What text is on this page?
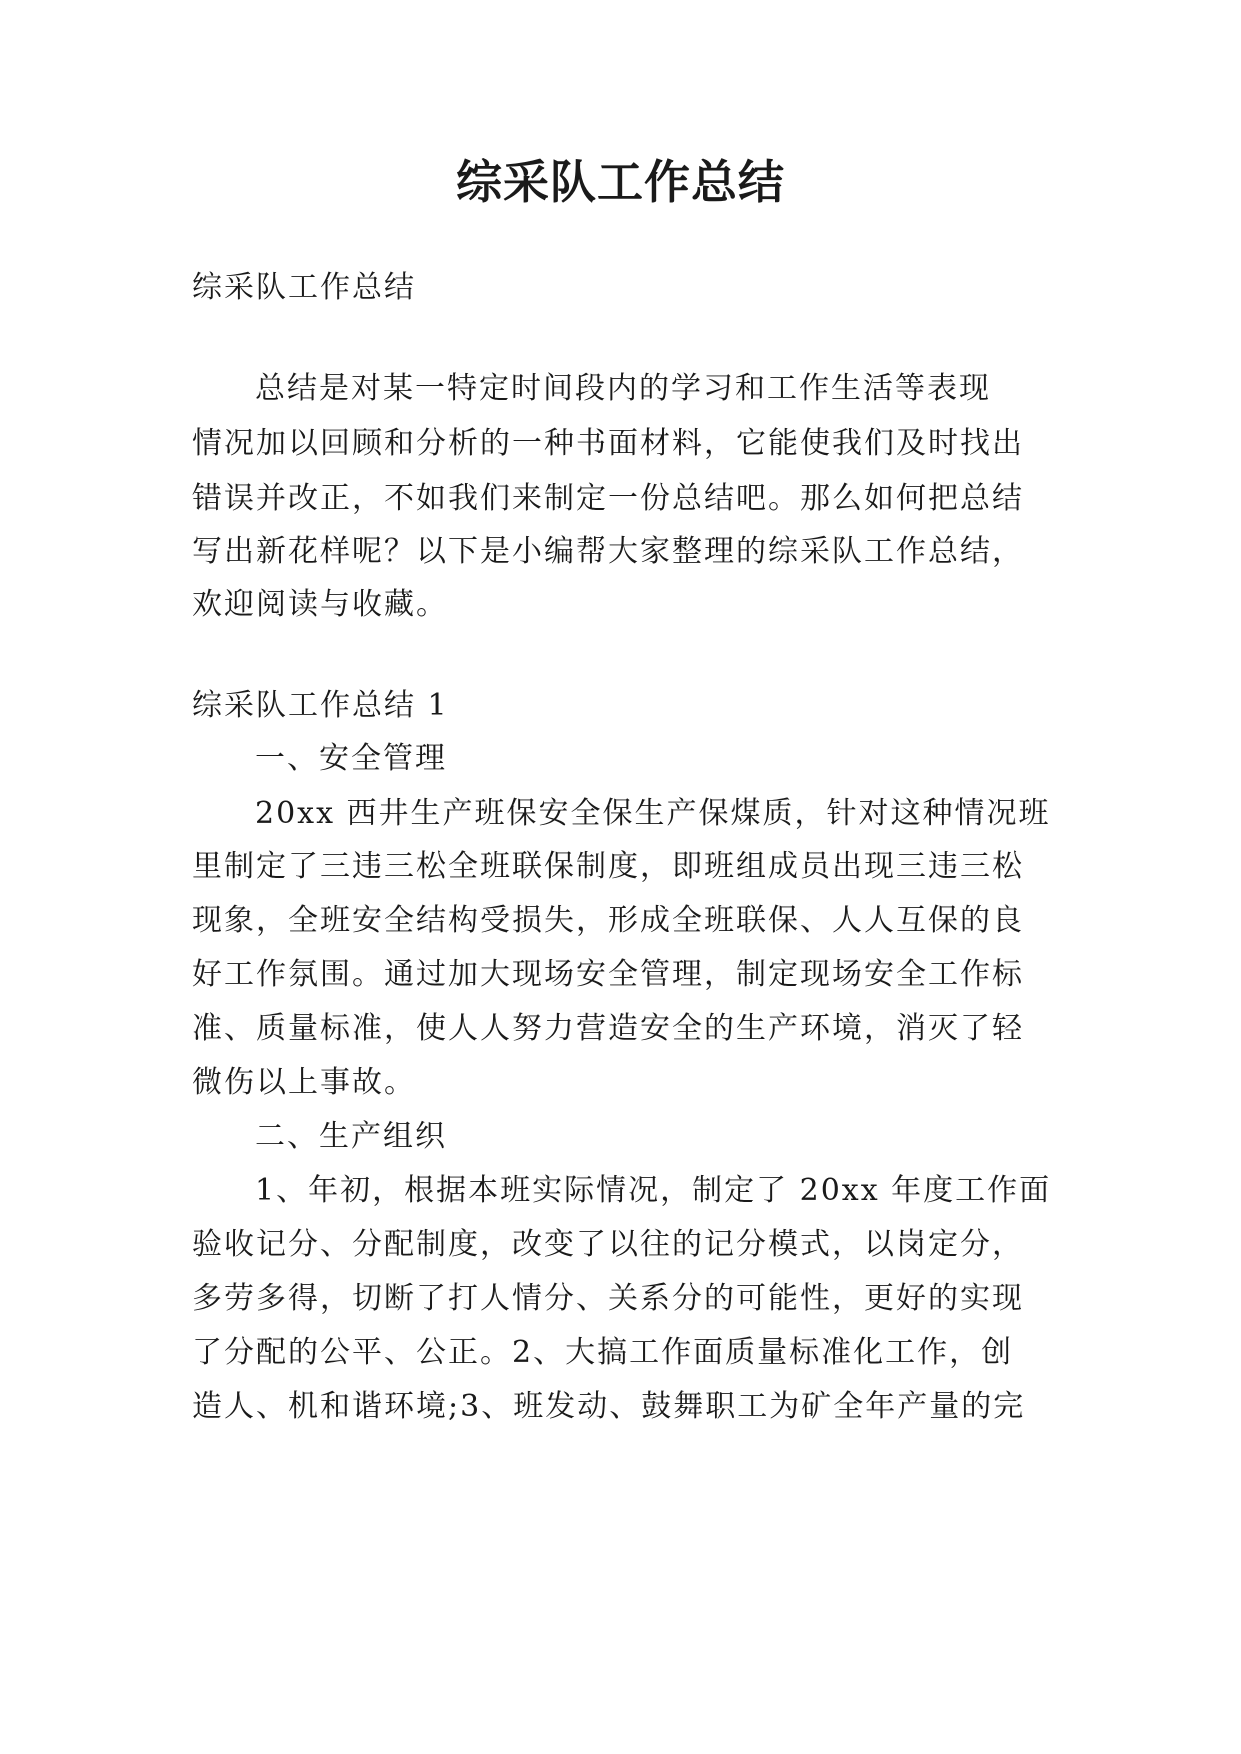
综采队工作总结
综采队工作总结
总结是对某一特定时间段内的学习和工作生活等表现
情况加以回顾和分析的一种书面材料，它能使我们及时找出
错误并改正，不如我们来制定一份总结吧。那么如何把总结
写出新花样呢？以下是小编帮大家整理的综采队工作总结，
欢迎阅读与收藏。
综采队工作总结 1
一、安全管理
20xx 西井生产班保安全保生产保煤质，针对这种情况班
里制定了三违三松全班联保制度，即班组成员出现三违三松
现象，全班安全结构受损失，形成全班联保、人人互保的良
好工作氛围。通过加大现场安全管理，制定现场安全工作标
准、质量标准，使人人努力营造安全的生产环境，消灭了轻
微伤以上事故。
二、生产组织
1、年初，根据本班实际情况，制定了 20xx 年度工作面
验收记分、分配制度，改变了以往的记分模式，以岗定分，
多劳多得，切断了打人情分、关系分的可能性，更好的实现
了分配的公平、公正。2、大搞工作面质量标准化工作，创
造人、机和谐环境;3、班发动、鼓舞职工为矿全年产量的完
